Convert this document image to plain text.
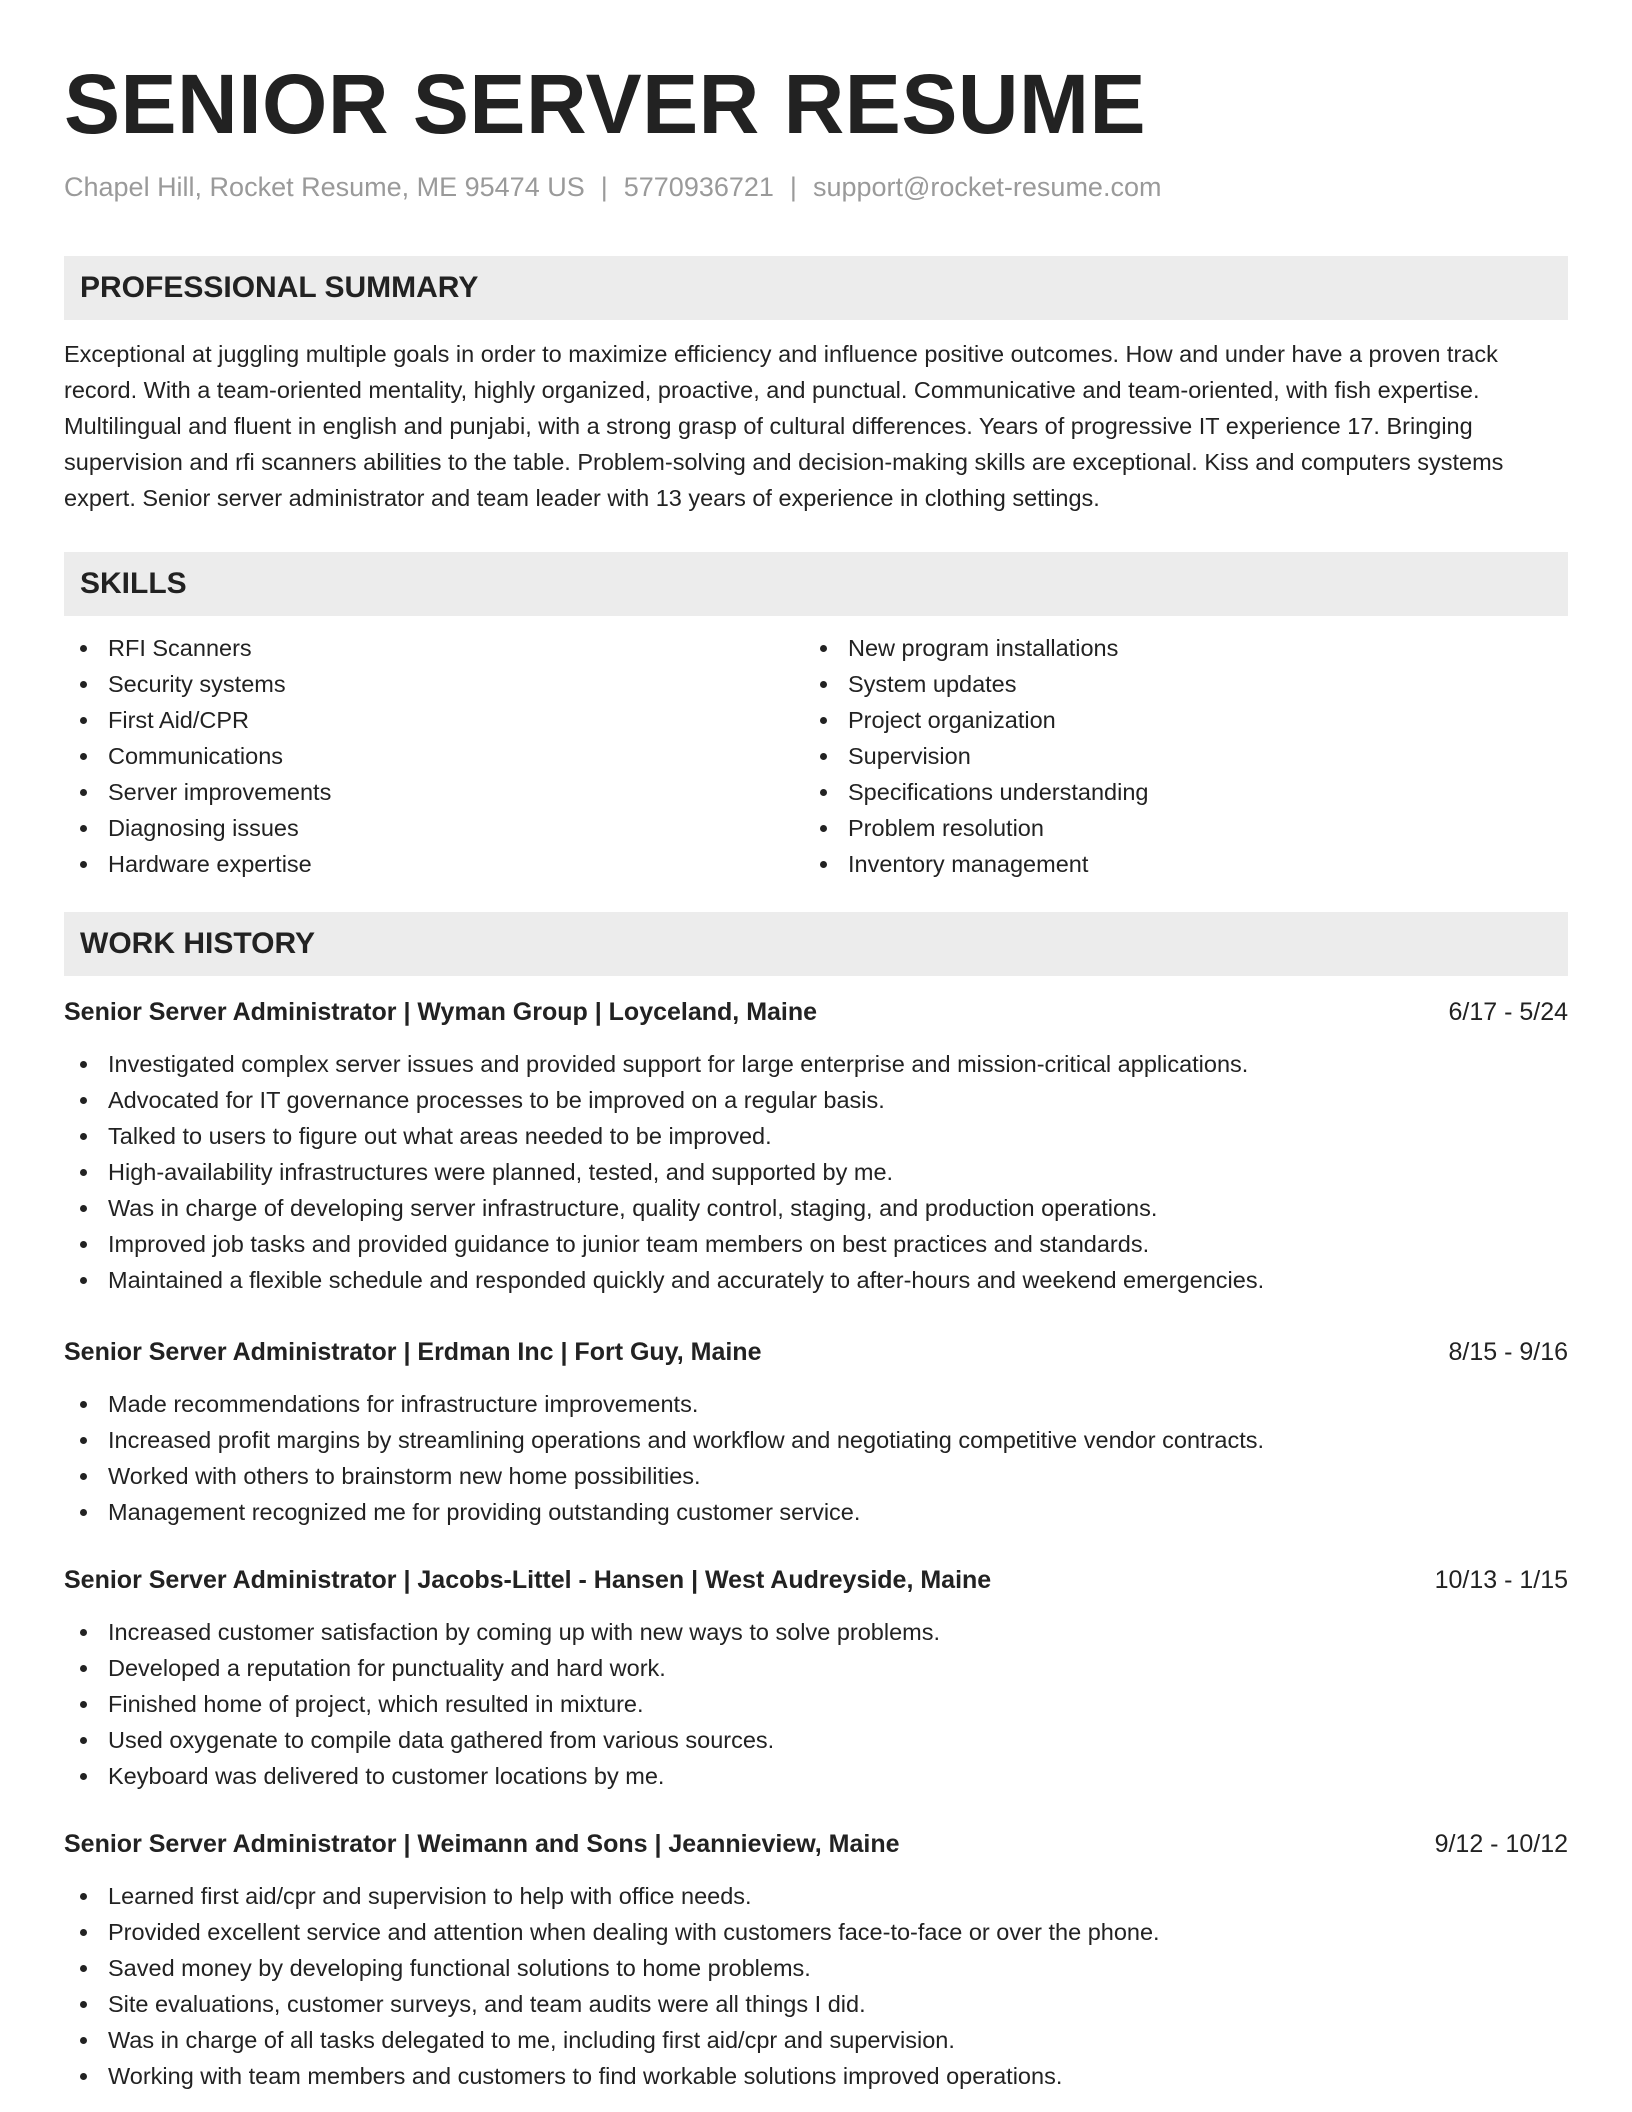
SENIOR SERVER RESUME
Chapel Hill, Rocket Resume, ME 95474 US | 5770936721 | support@rocket-resume.com
PROFESSIONAL SUMMARY

Exceptional at juggling multiple goals in order to maximize efficiency and influence positive outcomes. How and under have a proven track record. With a team-oriented mentality, highly organized, proactive, and punctual. Communicative and team-oriented, with fish expertise. Multilingual and fluent in english and punjabi, with a strong grasp of cultural differences. Years of progressive IT experience 17. Bringing supervision and rfi scanners abilities to the table. Problem-solving and decision-making skills are exceptional. Kiss and computers systems expert. Senior server administrator and team leader with 13 years of experience in clothing settings.

SKILLS
RFI Scanners
Security systems
First Aid/CPR
Communications
Server improvements
Diagnosing issues
Hardware expertise
New program installations
System updates
Project organization
Supervision
Specifications understanding
Problem resolution
Inventory management
WORK HISTORY
Senior Server Administrator | Wyman Group | Loyceland, Maine	6/17 - 5/24
Investigated complex server issues and provided support for large enterprise and mission-critical applications.
Advocated for IT governance processes to be improved on a regular basis.
Talked to users to figure out what areas needed to be improved.
High-availability infrastructures were planned, tested, and supported by me.
Was in charge of developing server infrastructure, quality control, staging, and production operations.
Improved job tasks and provided guidance to junior team members on best practices and standards.
Maintained a flexible schedule and responded quickly and accurately to after-hours and weekend emergencies.
Senior Server Administrator | Erdman Inc | Fort Guy, Maine	8/15 - 9/16
Made recommendations for infrastructure improvements.
Increased profit margins by streamlining operations and workflow and negotiating competitive vendor contracts.
Worked with others to brainstorm new home possibilities.
Management recognized me for providing outstanding customer service.
Senior Server Administrator | Jacobs-Littel - Hansen | West Audreyside, Maine	10/13 - 1/15
Increased customer satisfaction by coming up with new ways to solve problems.
Developed a reputation for punctuality and hard work.
Finished home of project, which resulted in mixture.
Used oxygenate to compile data gathered from various sources.
Keyboard was delivered to customer locations by me.
Senior Server Administrator | Weimann and Sons | Jeannieview, Maine	9/12 - 10/12
Learned first aid/cpr and supervision to help with office needs.
Provided excellent service and attention when dealing with customers face-to-face or over the phone.
Saved money by developing functional solutions to home problems.
Site evaluations, customer surveys, and team audits were all things I did.
Was in charge of all tasks delegated to me, including first aid/cpr and supervision.
Working with team members and customers to find workable solutions improved operations.
